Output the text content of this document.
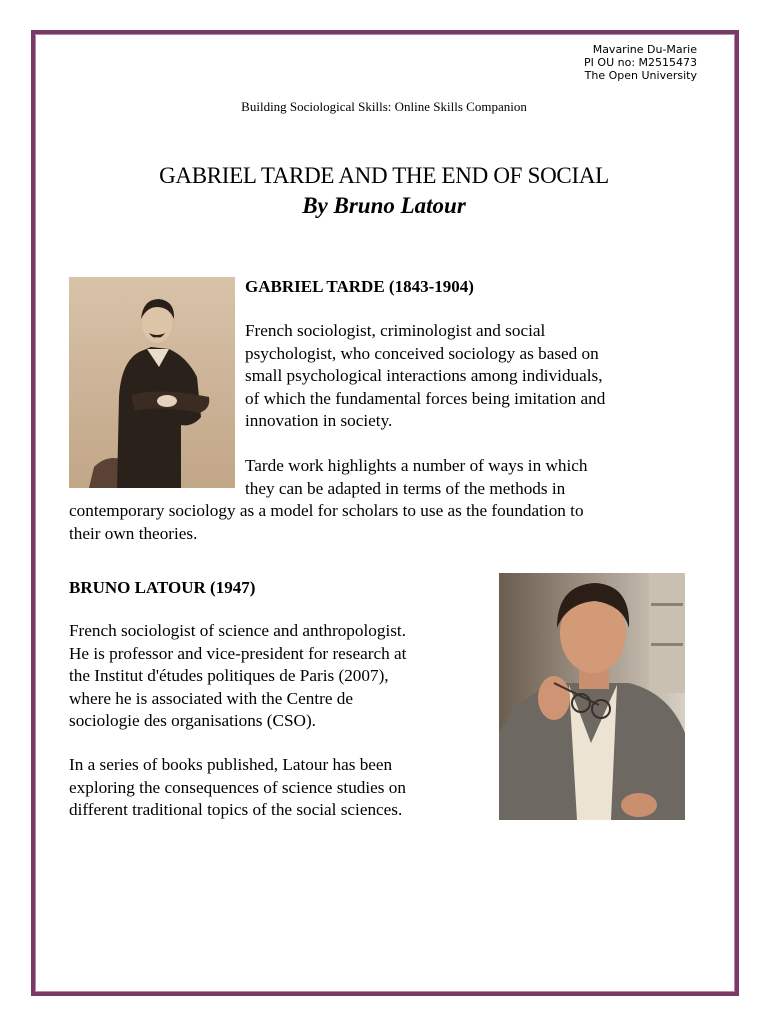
Mavarine Du-Marie
PI OU no: M2515473
The Open University
Building Sociological Skills: Online Skills Companion
GABRIEL TARDE AND THE END OF SOCIAL
By Bruno Latour
GABRIEL TARDE (1843-1904)

French sociologist, criminologist and social

psychologist, who conceived sociology as based on

small psychological interactions among individuals,

of which the fundamental forces being imitation and

innovation in society.

Tarde work highlights a number of ways in which

they can be adapted in terms of the methods in

contemporary sociology as a model for scholars to use as the foundation to

their own theories.

BRUNO LATOUR (1947)

French sociologist of science and anthropologist.

He is professor and vice-president for research at

the Institut d'études politiques de Paris (2007),

where he is associated with the Centre de

sociologie des organisations (CSO).

In a series of books published, Latour has been

exploring the consequences of science studies on

different traditional topics of the social sciences.
